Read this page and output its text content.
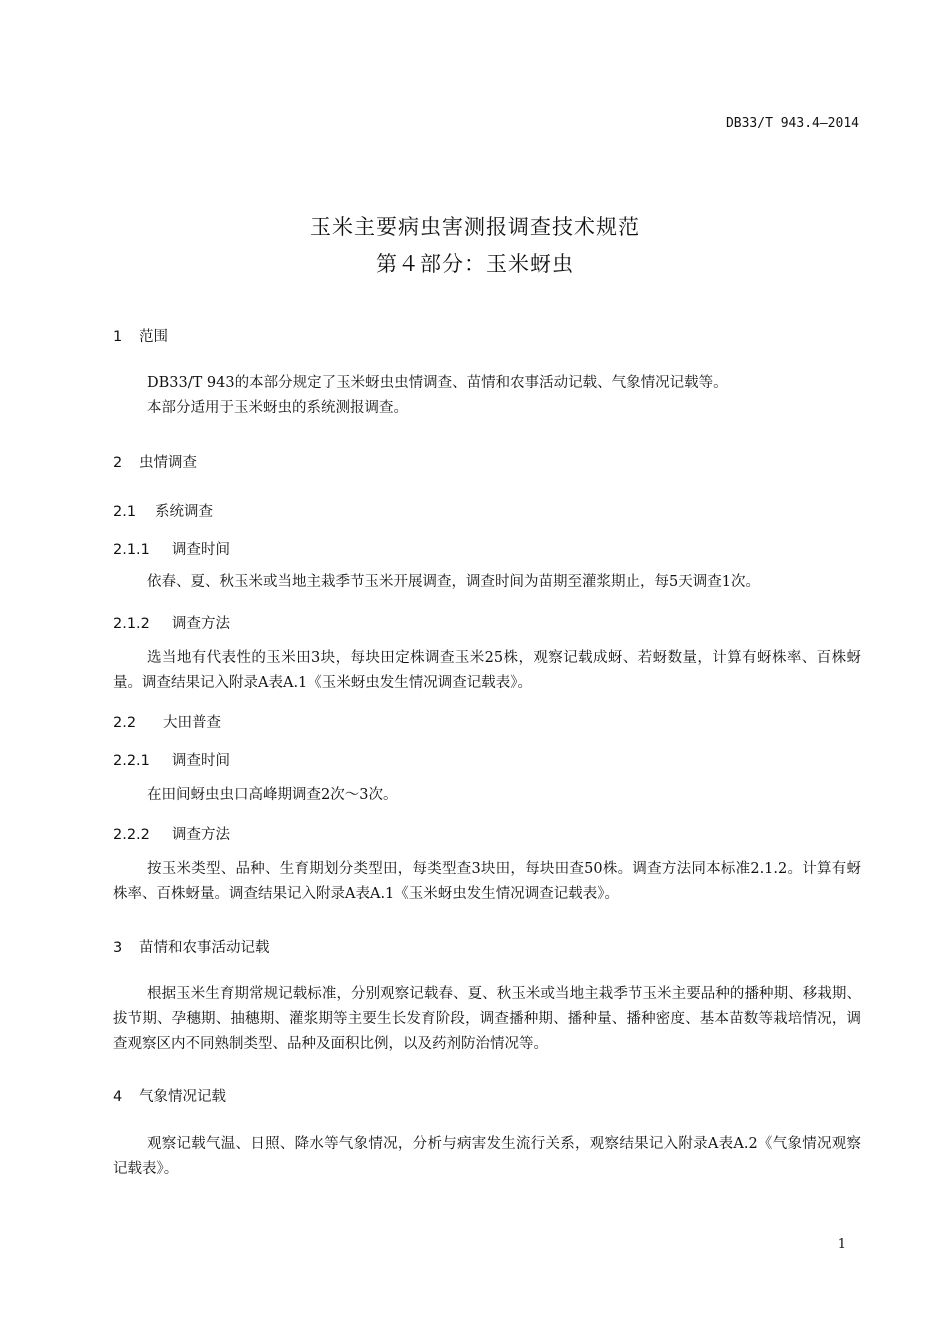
DB33/T 943.4—2014
玉米主要病虫害测报调查技术规范
第４部分：玉米蚜虫
1 范围
DB33/T 943的本部分规定了玉米蚜虫虫情调查、苗情和农事活动记载、气象情况记载等。
本部分适用于玉米蚜虫的系统测报调查。
2 虫情调查
2.1 系统调查
2.1.1 调查时间
依春、夏、秋玉米或当地主栽季节玉米开展调查，调查时间为苗期至灌浆期止，每5天调查1次。
2.1.2 调查方法
选当地有代表性的玉米田3块，每块田定株调查玉米25株，观察记载成蚜、若蚜数量，计算有蚜株率、百株蚜量。调查结果记入附录A表A.1《玉米蚜虫发生情况调查记载表》。
2.2 大田普查
2.2.1 调查时间
在田间蚜虫虫口高峰期调查2次～3次。
2.2.2 调查方法
按玉米类型、品种、生育期划分类型田，每类型查3块田，每块田查50株。调查方法同本标准2.1.2。计算有蚜株率、百株蚜量。调查结果记入附录A表A.1《玉米蚜虫发生情况调查记载表》。
3 苗情和农事活动记载
根据玉米生育期常规记载标准，分别观察记载春、夏、秋玉米或当地主栽季节玉米主要品种的播种期、移栽期、拔节期、孕穗期、抽穗期、灌浆期等主要生长发育阶段，调查播种期、播种量、播种密度、基本苗数等栽培情况，调查观察区内不同熟制类型、品种及面积比例，以及药剂防治情况等。
4 气象情况记载
观察记载气温、日照、降水等气象情况，分析与病害发生流行关系，观察结果记入附录A表A.2《气象情况观察记载表》。
1
